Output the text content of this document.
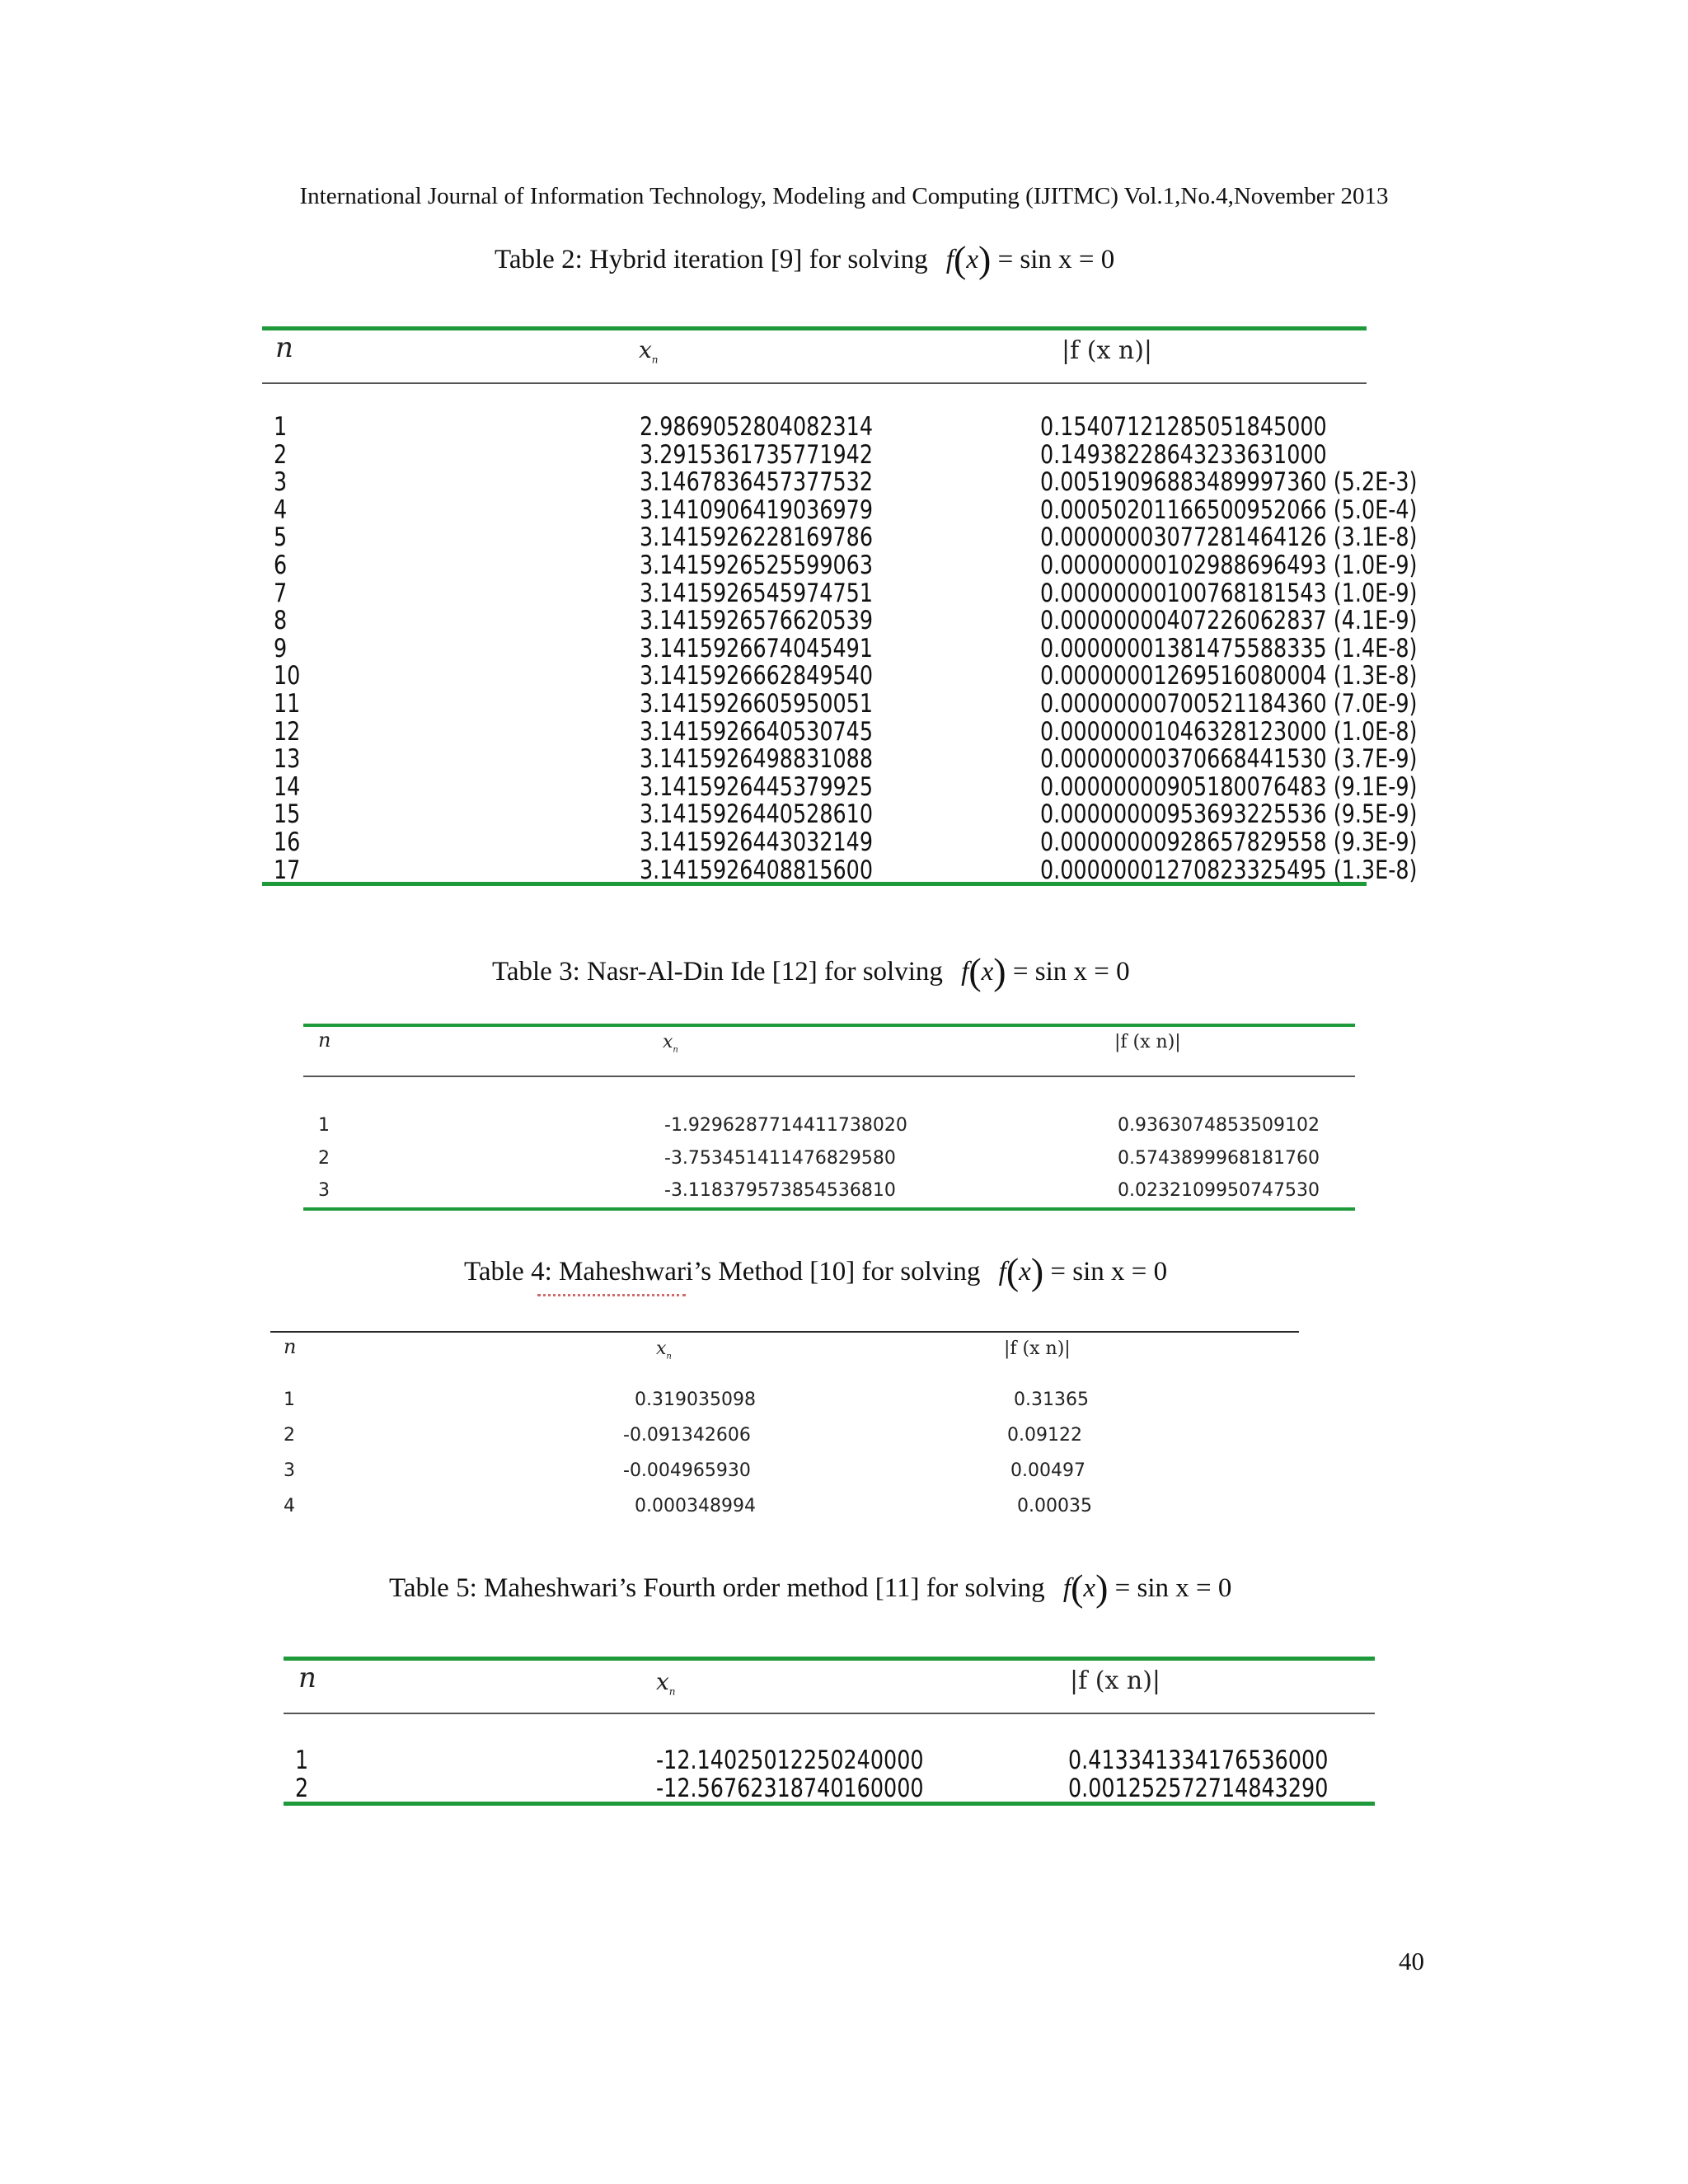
International Journal of Information Technology, Modeling and Computing (IJITMC) Vol.1,No.4,November 2013
Table 2: Hybrid iteration [9] for solving f(x) = sin x = 0
n	$x_n$	|f (x n)|
1	2.9869052804082314	0.15407121285051845000
2	3.2915361735771942	0.14938228643233631000
3	3.1467836457377532	0.00519096883489997360 (5.2E-3)
4	3.1410906419036979	0.00050201166500952066 (5.0E-4)
5	3.1415926228169786	0.00000003077281464126 (3.1E-8)
6	3.1415926525599063	0.00000000102988696493 (1.0E-9)
7	3.1415926545974751	0.00000000100768181543 (1.0E-9)
8	3.1415926576620539	0.00000000407226062837 (4.1E-9)
9	3.1415926674045491	0.00000001381475588335 (1.4E-8)
10	3.1415926662849540	0.00000001269516080004 (1.3E-8)
11	3.1415926605950051	0.00000000700521184360 (7.0E-9)
12	3.1415926640530745	0.00000001046328123000 (1.0E-8)
13	3.1415926498831088	0.00000000370668441530 (3.7E-9)
14	3.1415926445379925	0.00000000905180076483 (9.1E-9)
15	3.1415926440528610	0.00000000953693225536 (9.5E-9)
16	3.1415926443032149	0.00000000928657829558 (9.3E-9)
17	3.1415926408815600	0.00000001270823325495 (1.3E-8)
Table 3: Nasr-Al-Din Ide [12] for solving f(x) = sin x = 0
n	$x_n$	|f (x n)|
1	-1.9296287714411738020	0.9363074853509102
2	-3.753451411476829580	0.5743899968181760
3	-3.118379573854536810	0.0232109950747530
Table 4: Maheshwari’s Method [10] for solving f(x) = sin x = 0
n	$x_n$	|f (x n)|
1	0.319035098	0.31365
2	-0.091342606	0.09122
3	-0.004965930	0.00497
4	0.000348994	0.00035
Table 5: Maheshwari’s Fourth order method [11] for solving f(x) = sin x = 0
n	$x_n$	|f (x n)|
1	-12.14025012250240000	0.413341334176536000
2	-12.56762318740160000	0.001252572714843290
40
